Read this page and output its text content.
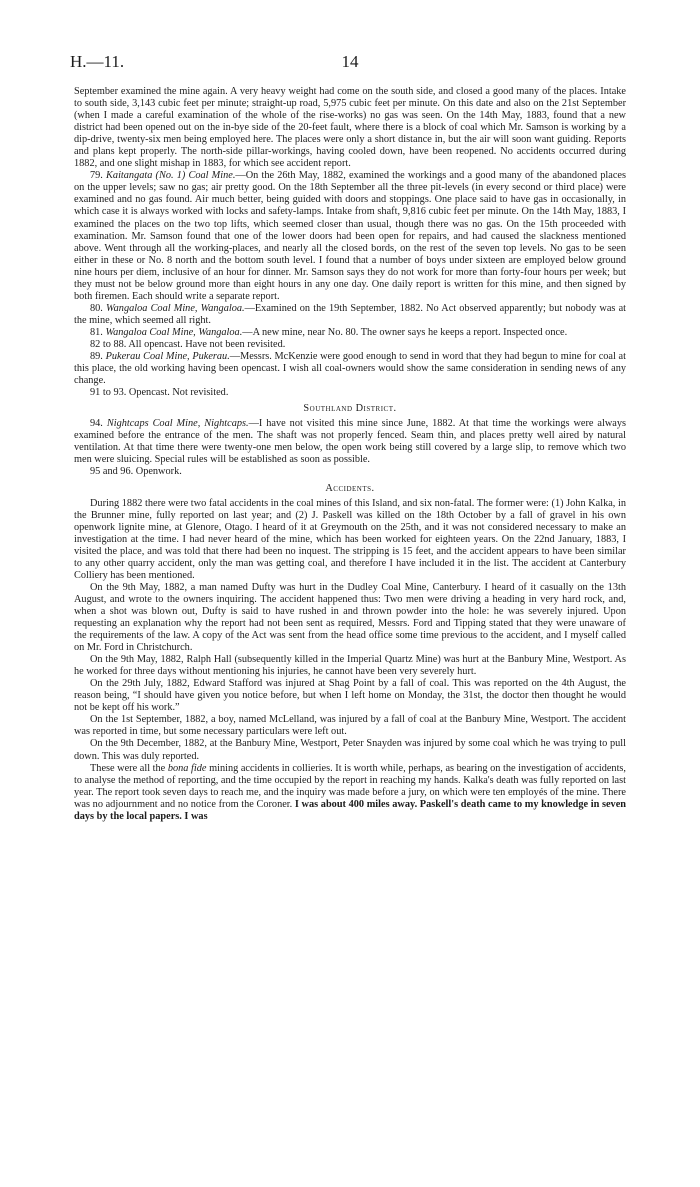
H.—11.	14

September examined the mine again. A very heavy weight had come on the south side, and closed a good many of the places. Intake to south side, 3,143 cubic feet per minute; straight-up road, 5,975 cubic feet per minute. On this date and also on the 21st September (when I made a careful examination of the whole of the rise-works) no gas was seen. On the 14th May, 1883, found that a new district had been opened out on the in-bye side of the 20-feet fault, where there is a block of coal which Mr. Samson is working by a dip-drive, twenty-six men being employed here. The places were only a short distance in, but the air will soon want guiding. Reports and plans kept properly. The north-side pillar-workings, having cooled down, have been reopened. No accidents occurred during 1882, and one slight mishap in 1883, for which see accident report.

79. Kaitangata (No. 1) Coal Mine.—On the 26th May, 1882, examined the workings and a good many of the abandoned places on the upper levels; saw no gas; air pretty good. On the 18th September all the three pit-levels (in every second or third place) were examined and no gas found. Air much better, being guided with doors and stoppings. One place said to have gas in occasionally, in which case it is always worked with locks and safety-lamps. Intake from shaft, 9,816 cubic feet per minute. On the 14th May, 1883, I examined the places on the two top lifts, which seemed closer than usual, though there was no gas. On the 15th proceeded with examination. Mr. Samson found that one of the lower doors had been open for repairs, and had caused the slackness mentioned above. Went through all the working-places, and nearly all the closed bords, on the rest of the seven top levels. No gas to be seen either in these or No. 8 north and the bottom south level. I found that a number of boys under sixteen are employed below ground nine hours per diem, inclusive of an hour for dinner. Mr. Samson says they do not work for more than forty-four hours per week; but they must not be below ground more than eight hours in any one day. One daily report is written for this mine, and then signed by both firemen. Each should write a separate report.

80. Wangaloa Coal Mine, Wangaloa.—Examined on the 19th September, 1882. No Act observed apparently; but nobody was at the mine, which seemed all right.

81. Wangaloa Coal Mine, Wangaloa.—A new mine, near No. 80. The owner says he keeps a report. Inspected once.

82 to 88. All opencast. Have not been revisited.

89. Pukerau Coal Mine, Pukerau.—Messrs. McKenzie were good enough to send in word that they had begun to mine for coal at this place, the old working having been opencast. I wish all coal-owners would show the same consideration in sending news of any change.

91 to 93. Opencast. Not revisited.

Southland District.

94. Nightcaps Coal Mine, Nightcaps.—I have not visited this mine since June, 1882. At that time the workings were always examined before the entrance of the men. The shaft was not properly fenced. Seam thin, and places pretty well aired by natural ventilation. At that time there were twenty-one men below, the open work being still covered by a large slip, to remove which two men were sluicing. Special rules will be established as soon as possible.

95 and 96. Openwork.

Accidents.

During 1882 there were two fatal accidents in the coal mines of this Island, and six non-fatal. The former were: (1) John Kalka, in the Brunner mine, fully reported on last year; and (2) J. Paskell was killed on the 18th October by a fall of gravel in his own openwork lignite mine, at Glenore, Otago. I heard of it at Greymouth on the 25th, and it was not considered necessary to make an investigation at the time. I had never heard of the mine, which has been worked for eighteen years. On the 22nd January, 1883, I visited the place, and was told that there had been no inquest. The stripping is 15 feet, and the accident appears to have been similar to any other quarry accident, only the man was getting coal, and therefore I have included it in the list. The accident at Canterbury Colliery has been mentioned.

On the 9th May, 1882, a man named Dufty was hurt in the Dudley Coal Mine, Canterbury. I heard of it casually on the 13th August, and wrote to the owners inquiring. The accident happened thus: Two men were driving a heading in very hard rock, and, when a shot was blown out, Dufty is said to have rushed in and thrown powder into the hole: he was severely injured. Upon requesting an explanation why the report had not been sent as required, Messrs. Ford and Tipping stated that they were unaware of the requirements of the law. A copy of the Act was sent from the head office some time previous to the accident, and I myself called on Mr. Ford in Christchurch.

On the 9th May, 1882, Ralph Hall (subsequently killed in the Imperial Quartz Mine) was hurt at the Banbury Mine, Westport. As he worked for three days without mentioning his injuries, he cannot have been very severely hurt.

On the 29th July, 1882, Edward Stafford was injured at Shag Point by a fall of coal. This was reported on the 4th August, the reason being, “I should have given you notice before, but when I left home on Monday, the 31st, the doctor then thought he would not be kept off his work.”

On the 1st September, 1882, a boy, named McLelland, was injured by a fall of coal at the Banbury Mine, Westport. The accident was reported in time, but some necessary particulars were left out.

On the 9th December, 1882, at the Banbury Mine, Westport, Peter Snayden was injured by some coal which he was trying to pull down. This was duly reported.

These were all the bona fide mining accidents in collieries. It is worth while, perhaps, as bearing on the investigation of accidents, to analyse the method of reporting, and the time occupied by the report in reaching my hands. Kalka's death was fully reported on last year. The report took seven days to reach me, and the inquiry was made before a jury, on which were ten employés of the mine. There was no adjournment and no notice from the Coroner. I was about 400 miles away. Paskell's death came to my knowledge in seven days by the local papers. I was
